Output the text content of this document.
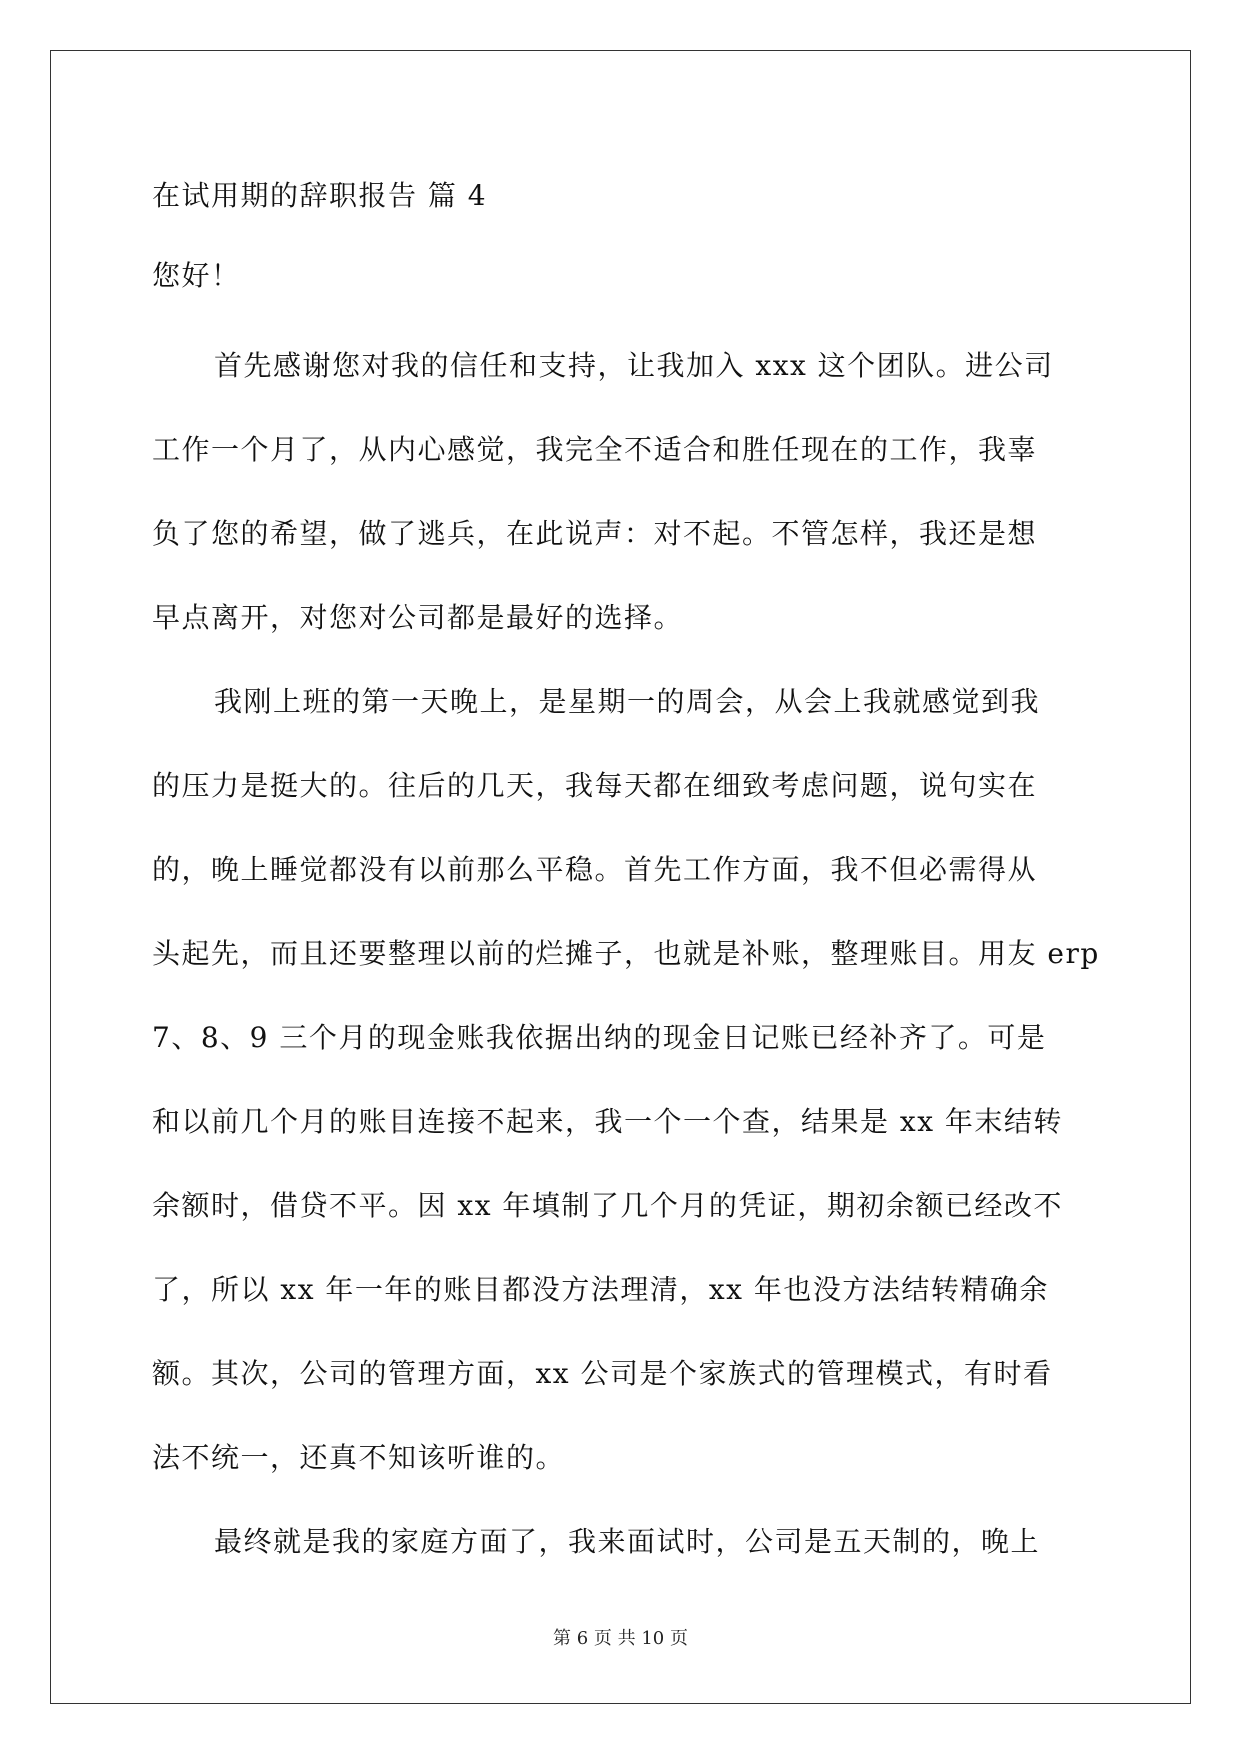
在试用期的辞职报告 篇 4
您好！
首先感谢您对我的信任和支持，让我加入 xxx 这个团队。进公司
工作一个月了，从内心感觉，我完全不适合和胜任现在的工作，我辜
负了您的希望，做了逃兵，在此说声：对不起。不管怎样，我还是想
早点离开，对您对公司都是最好的选择。
我刚上班的第一天晚上，是星期一的周会，从会上我就感觉到我
的压力是挺大的。往后的几天，我每天都在细致考虑问题，说句实在
的，晚上睡觉都没有以前那么平稳。首先工作方面，我不但必需得从
头起先，而且还要整理以前的烂摊子，也就是补账，整理账目。用友 erp
7、8、9 三个月的现金账我依据出纳的现金日记账已经补齐了。可是
和以前几个月的账目连接不起来，我一个一个查，结果是 xx 年末结转
余额时，借贷不平。因 xx 年填制了几个月的凭证，期初余额已经改不
了，所以 xx 年一年的账目都没方法理清，xx 年也没方法结转精确余
额。其次，公司的管理方面，xx 公司是个家族式的管理模式，有时看
法不统一，还真不知该听谁的。
最终就是我的家庭方面了，我来面试时，公司是五天制的，晚上
第 6 页 共 10 页
